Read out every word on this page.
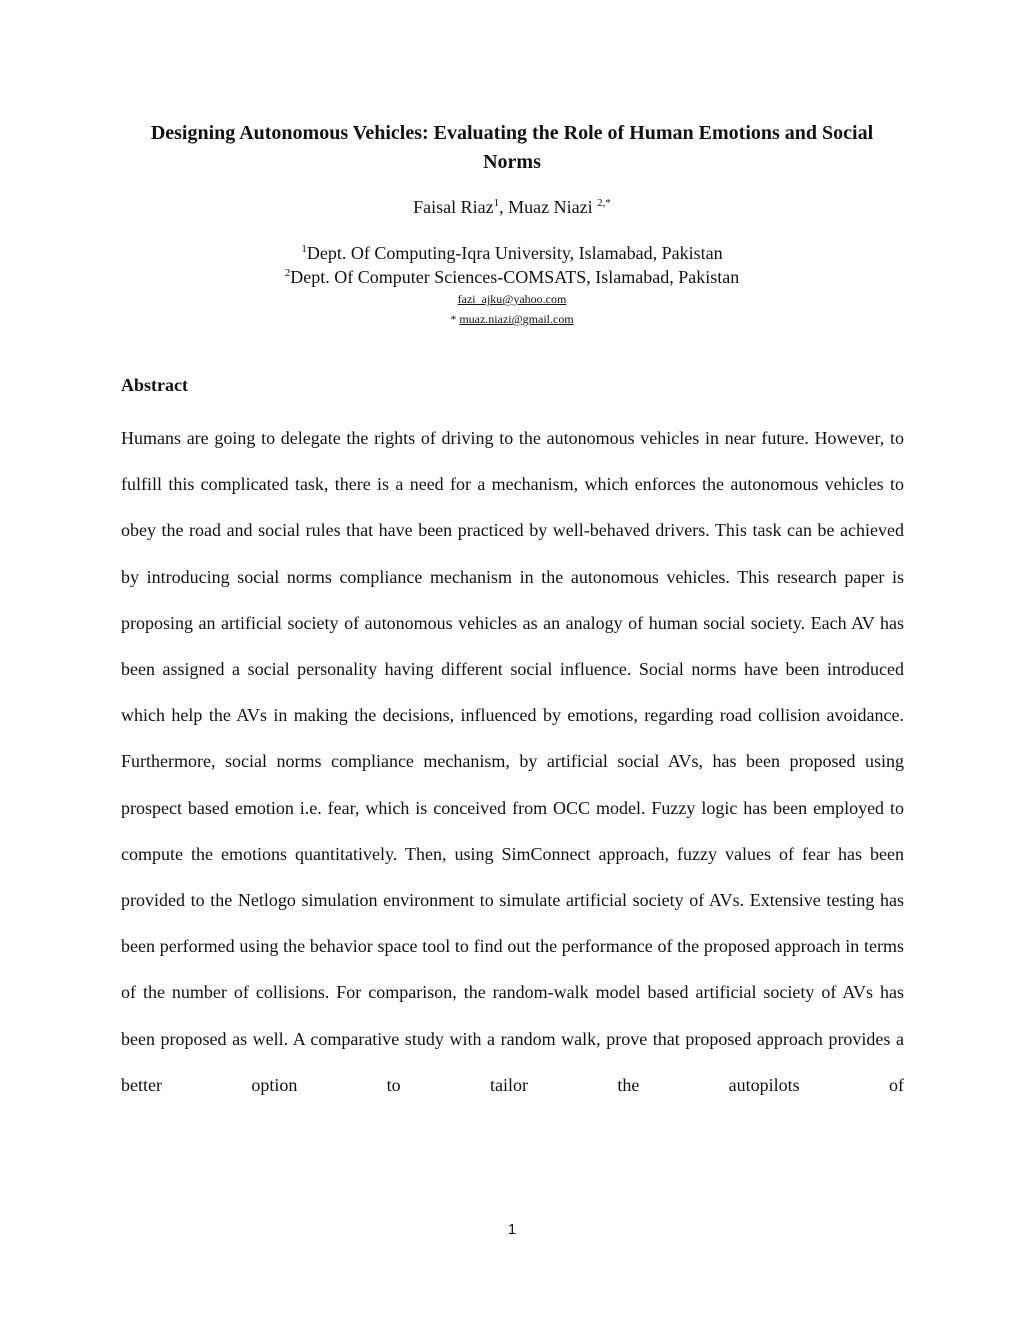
Designing Autonomous Vehicles: Evaluating the Role of Human Emotions and Social Norms
Faisal Riaz$^1$, Muaz Niazi $^{2,*}$
$^1$Dept. Of Computing-Iqra University, Islamabad, Pakistan
$^2$Dept. Of Computer Sciences-COMSATS, Islamabad, Pakistan
fazi_ajku@yahoo.com
* muaz.niazi@gmail.com
Abstract

Humans are going to delegate the rights of driving to the autonomous vehicles in near future. However, to fulfill this complicated task, there is a need for a mechanism, which enforces the autonomous vehicles to obey the road and social rules that have been practiced by well-behaved drivers. This task can be achieved by introducing social norms compliance mechanism in the autonomous vehicles. This research paper is proposing an artificial society of autonomous vehicles as an analogy of human social society. Each AV has been assigned a social personality having different social influence. Social norms have been introduced which help the AVs in making the decisions, influenced by emotions, regarding road collision avoidance. Furthermore, social norms compliance mechanism, by artificial social AVs, has been proposed using prospect based emotion i.e. fear, which is conceived from OCC model. Fuzzy logic has been employed to compute the emotions quantitatively. Then, using SimConnect approach, fuzzy values of fear has been provided to the Netlogo simulation environment to simulate artificial society of AVs. Extensive testing has been performed using the behavior space tool to find out the performance of the proposed approach in terms of the number of collisions. For comparison, the random-walk model based artificial society of AVs has been proposed as well. A comparative study with a random walk, prove that proposed approach provides a better option to tailor the autopilots of

1
